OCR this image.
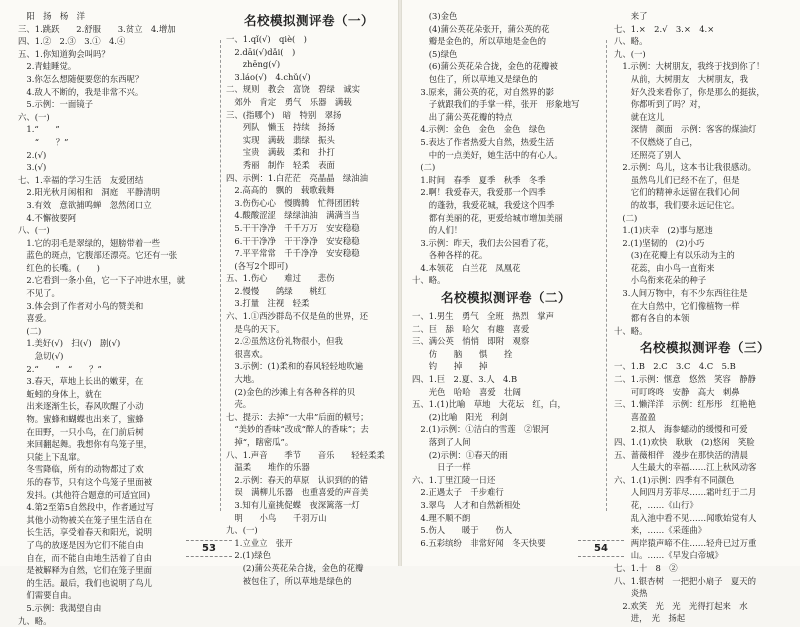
　阳　扬　杨　洋
三、1.跳跃　　2.舒服　　3.贫立　4.增加
四、1.②　2.③　3.①　4.④
五、1.你知道狗会叫吗？
　2.青蛙睡觉。
　3.你怎么想随便要您的东西呢？
　4.敌人不断的，我是非常不兴。
　5.示例：一面镜子
六、(一)
　1.“　　”
　　“　　？”
　2.(√)
　3.(√)
七、1.幸福的学习生活　友爱团结
　2.阳光秋月闲相和　洞庭　平静清明
　3.有效　意欲捕鸣蝉　忽然闭口立
　4.不懈彼要阿
八、(一)
　1.它的羽毛是翠绿的，翅膀带着一些
　蓝色的斑点，它腹部还漂亮。它还有一张
　红色的长嘴。(　　)
　2.它看到一条小鱼，它一下子冲进水里，就
　不见了。
　3.体会到了作者对小鸟的赞美和
　喜爱。
　(二)
　1.美好(√)　扫(√)　剧(√)
　　急切(√)
　2.“　　”　“　　？”
　3.春天，草地上长出的嫩芽，在
　蚯蚓的身体上，就在
　出来逐渐生长，春风吹醒了小动
　物。蜜蜂和蝴蝶也出来了，蜜蜂
　在田野，一只小鸟，在门前后树
　来回翻起舞。我想你有鸟笼子里，
　只能上下乱窜。
　冬雪降临，所有的动物都过了欢
　乐的春节，只有这个鸟笼子里面被
　发抖。(其他符合题意的可适宜回)
　4.第2至第5自然段中，作者通过写
　其他小动物被关在笼子里生活自在
　长生活，享受着春天和阳光，说明
　了鸟的放逐是因为它们不能自由
　自在，而不能自由地生活着了自由
　是被解释为自然，它们在笼子里面
　的生活。最后，我们也说明了鸟儿
　们需要自由。
　5.示例：我渴望自由
九、略。
名校模拟测评卷（一）
一、1.qǐ(√)　qiè(　)
　2.dāi(√)dǎi(　)
　　zhēng(√)
　3.láo(√)　4.chǔ(√)
二、规则　教会　富饶　碧绿　诚实
　郊外　肯定　勇气　乐器　满载
三、(指哪个)　暗　特别　翠扬
　　列队　懒玉　持续　扬扬
　　实现　满载　翡绿　振头
　　宝贵　满载　柔和　扑打
　　秀丽　制作　轻柔　表面
四、示例：1.白茫茫　亮晶晶　绿油油
　2.高高的　飘的　载歌载舞
　3.伤伤心心　慢腾腾　忙得团团转
　4.酸酸涩涩　绿绿油油　满满当当
　5.干干净净　千千万万　安安稳稳
　6.干干净净　干干净净　安安稳稳
　7.平平常常　千千净净　安安稳稳
　(各写2个即可)
五、1.伤心　　难过　　悲伤
　2.慢慢　　鸽绿　　桃红
　3.打量　注视　轻柔
六、1.①西沙群岛不仅是鱼的世界，还
　是鸟的天下。
　2.②虽然这份礼物很小，但我
　很喜欢。
　3.示例：(1)柔和的春风轻轻地吹遍
　大地。
　(2)金色的沙滩上有各种各样的贝
　壳。
七、提示：去掉“一大串”后面的顿号；
　“美妙的香味”改成“醉人的香味”；去
　掉“，瞎密瓜”。
八、1.声音　　季节　　音乐　　轻轻柔柔
　温柔　　堆作的乐器
　2.示例：春天的草原　认识到的的错
　误　满柳儿乐器　也重喜爱的声音美
　3.知有儿童挑促蝶　夜深篱落一灯
　明　　小鸟　　千羽万山
九、(一)
　1.立业立　张开
　2.(1)绿色
　　(2)蒲公英花朵合拢，金色的花瓣
　　被包住了，所以草地是绿色的
53
　　(3)金色
　　(4)蒲公英花朵张开，蒲公英的花
　　瓣是金色的，所以草地是金色的
　　(5)绿色
　　(6)蒲公英花朵合拢，金色的花瓣被
　　包住了，所以草地又是绿色的
　3.原来，蒲公英的花，对自然界的影
　　子就跟我们的手掌一样，张开　形象地写
　　出了蒲公英花瓣的特点
　4.示例：金色　金色　金色　绿色
　5.表达了作者热爱大自然，热爱生活
　　中的一点美好，她生活中的有心人。
　(二)
　1.时间　春季　夏季　秋季　冬季
　2.啊！我爱春天，我爱那一个四季
　　的蓬勃，我爱花城，我爱这个四季
　　都有美丽的花，更爱给城市增加美丽
　　的人们！
　3.示例：昨天，我们去公园看了花，
　　各种各样的花。
　4.本领花　白兰花　凤凰花
十、略。
名校模拟测评卷（二）
一、1.男生　勇气　全班　热烈　掌声
二、巨　舔　哈欠　有趣　喜爱
三、满公英　悄悄　即附　观察
　　仿　　脑　　惧　　拴
　　钓　　掉　　掉
四、1.巨　2.夏、3.人　4.B
　　光色　哈哈　喜爱　壮阔
五、1.(1)比喻　草地　大花坛　红，白，
　　(2)比喻　阳光　利剑
　2.(1)示例：①洁白的雪莲　②银河
　　落到了人间
　　(2)示例：①春天的雨
　　　日子一样
六、1.丁里江陵一日还
　2.正遇太子　千步难行
　3.翠鸟　人才和自然新相处
　4.理不顺不朗
　5.伤人　　暖于　　伤人
　6.五彩缤纷　非常好闻　冬天快要
　　来了
七、1.×　2.√　3.×　4.×
八、略。
九、(一)
　1.示例：大树朋友，我终于找到你了！
　　从前，大树朋友　大树朋友，我
　　好久没来看你了，你是那么的挺拔，
　　你都听到了吗？对，
　　就在这儿
　　深情　颜面　示例：客客的煤油灯
　　不仅燃烧了自己，
　　还照亮了别人
　2.示例：鸟儿，这本书让我很感动。
　　虽然鸟儿们已经不在了，但是
　　它们的精神永远留在我们心间
　　的故事，我们要永远记住它。
　(二)
　1.(1)庆幸　(2)事与愿违
　2.(1)坚韧的　(2)小巧
　　(3)在花瓣上有以乐动为主的
　　花蕊，由小鸟一直衔来
　　小鸟衔来花朵的种子
　3.人间万物中，有不少东西往往是
　　在大自然中，它们像植物一样
　　都有各自的本领
十、略。
名校模拟测评卷（三）
一、1.B　2.C　3.C　4.C　5.B
二、1.示例：惬意　悠然　笑容　静静
　　可叮咚咚　安静　高大　刺鼻
三、1.懒洋洋　示例：红彤彤　红艳艳
　　喜盈盈
　　2.拟人　海参蠕动的缓慢和可爱
四、1.(1)欢快　耿耿　(2)悠闲　笑脸
五、蔷薇相伴　漫步在那快活的清晨
　　人生最大的幸福……江上秋风动客
六、1.(1)示例：四季有不同颜色
　　人间四月芳菲尽……霜叶红于二月
　　花，……《山行》
　　乱入池中看不见……闻歌始觉有人
　　来，……《采莲曲》
　　两岸猿声啼不住……轻舟已过万重
　　山。……《早发白帝城》
七、1.十　8　②
八、1.银杏树　一把把小扇子　夏天的
　　炎热
　2.欢笑　光　光　光得打起来　水
　　进，　光　扬起
54
